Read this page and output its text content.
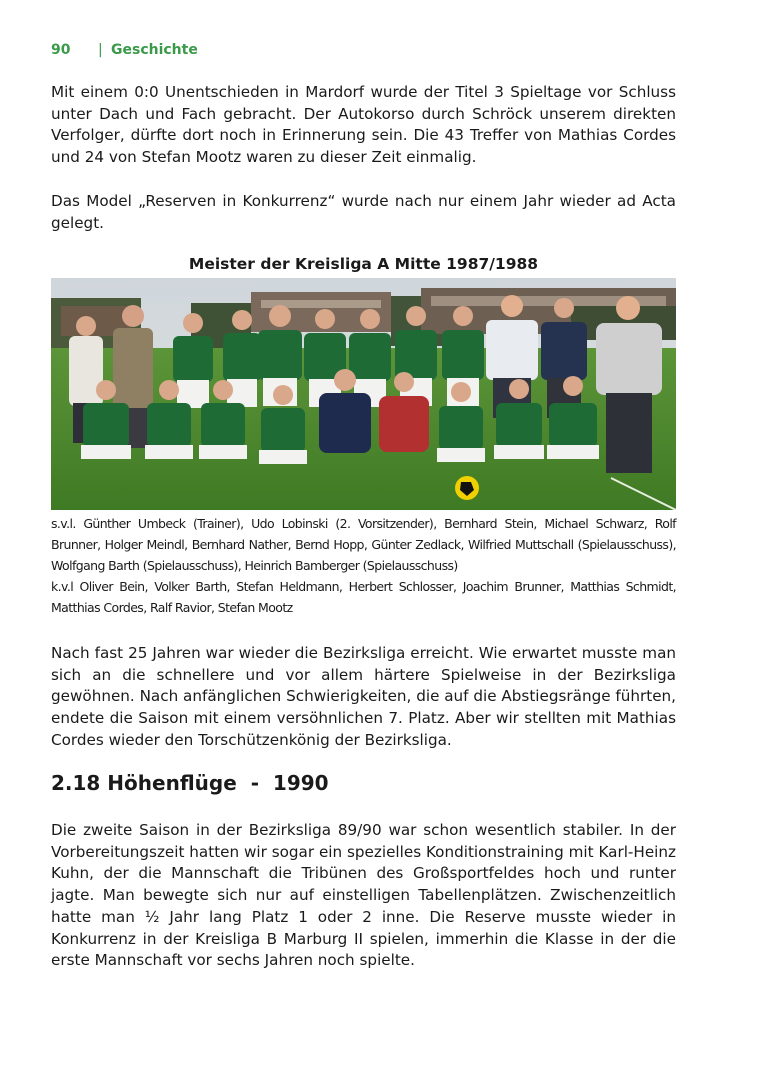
90 | Geschichte

Mit einem 0:0 Unentschieden in Mardorf wurde der Titel 3 Spieltage vor Schluss unter Dach und Fach gebracht. Der Autokorso durch Schröck unserem direkten Verfolger, dürfte dort noch in Erinnerung sein. Die 43 Treffer von Mathias Cordes und 24 von Stefan Mootz waren zu dieser Zeit einmalig.

Das Model „Reserven in Konkurrenz“ wurde nach nur einem Jahr wieder ad Acta gelegt.

Meister der Kreisliga A Mitte 1987/1988

s.v.l. Günther Umbeck (Trainer), Udo Lobinski (2. Vorsitzender), Bernhard Stein, Michael Schwarz, Rolf Brunner, Holger Meindl, Bernhard Nather, Bernd Hopp, Günter Zedlack, Wilfried Muttschall (Spielausschuss), Wolfgang Barth (Spielausschuss), Heinrich Bamberger (Spielausschuss)
k.v.l Oliver Bein, Volker Barth, Stefan Heldmann, Herbert Schlosser, Joachim Brunner, Matthias Schmidt, Matthias Cordes, Ralf Ravior, Stefan Mootz

Nach fast 25 Jahren war wieder die Bezirksliga erreicht. Wie erwartet musste man sich an die schnellere und vor allem härtere Spielweise in der Bezirksliga gewöhnen. Nach anfänglichen Schwierigkeiten, die auf die Abstiegsränge führten, endete die Saison mit einem versöhnlichen 7. Platz. Aber wir stellten mit Mathias Cordes wieder den Torschützenkönig der Bezirksliga.

2.18 Höhenflüge  -  1990

Die zweite Saison in der Bezirksliga 89/90 war schon wesentlich stabiler. In der Vorbereitungszeit hatten wir sogar ein spezielles Konditionstraining mit Karl-Heinz Kuhn, der die Mannschaft die Tribünen des Großsportfeldes hoch und runter jagte. Man bewegte sich nur auf einstelligen Tabellenplätzen. Zwischenzeitlich hatte man ½ Jahr lang Platz 1 oder 2 inne. Die Reserve musste wieder in Konkurrenz in der Kreisliga B Marburg II spielen, immerhin die Klasse in der die erste Mannschaft vor sechs Jahren noch spielte.
